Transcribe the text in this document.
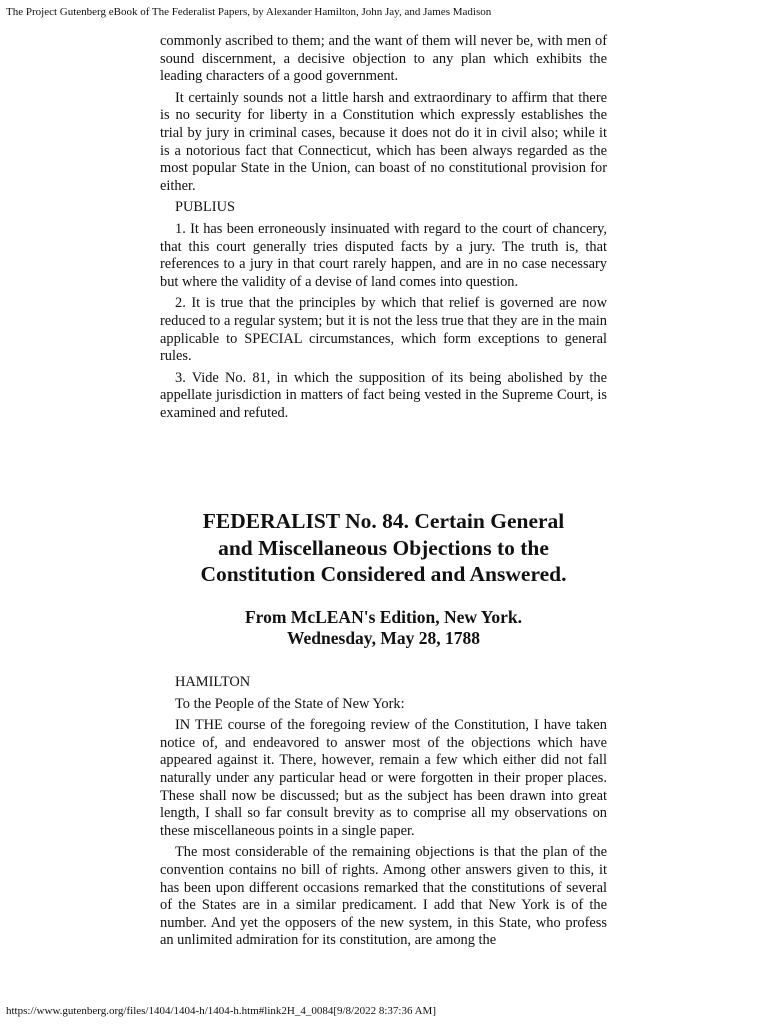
The Project Gutenberg eBook of The Federalist Papers, by Alexander Hamilton, John Jay, and James Madison

commonly ascribed to them; and the want of them will never be, with men of sound discernment, a decisive objection to any plan which exhibits the leading characters of a good government.

It certainly sounds not a little harsh and extraordinary to affirm that there is no security for liberty in a Constitution which expressly establishes the trial by jury in criminal cases, because it does not do it in civil also; while it is a notorious fact that Connecticut, which has been always regarded as the most popular State in the Union, can boast of no constitutional provision for either.

PUBLIUS

1. It has been erroneously insinuated with regard to the court of chancery, that this court generally tries disputed facts by a jury. The truth is, that references to a jury in that court rarely happen, and are in no case necessary but where the validity of a devise of land comes into question.

2. It is true that the principles by which that relief is governed are now reduced to a regular system; but it is not the less true that they are in the main applicable to SPECIAL circumstances, which form exceptions to general rules.

3. Vide No. 81, in which the supposition of its being abolished by the appellate jurisdiction in matters of fact being vested in the Supreme Court, is examined and refuted.

FEDERALIST No. 84. Certain General and Miscellaneous Objections to the Constitution Considered and Answered.
From McLEAN's Edition, New York.
Wednesday, May 28, 1788

HAMILTON

To the People of the State of New York:

IN THE course of the foregoing review of the Constitution, I have taken notice of, and endeavored to answer most of the objections which have appeared against it. There, however, remain a few which either did not fall naturally under any particular head or were forgotten in their proper places. These shall now be discussed; but as the subject has been drawn into great length, I shall so far consult brevity as to comprise all my observations on these miscellaneous points in a single paper.

The most considerable of the remaining objections is that the plan of the convention contains no bill of rights. Among other answers given to this, it has been upon different occasions remarked that the constitutions of several of the States are in a similar predicament. I add that New York is of the number. And yet the opposers of the new system, in this State, who profess an unlimited admiration for its constitution, are among the

https://www.gutenberg.org/files/1404/1404-h/1404-h.htm#link2H_4_0084[9/8/2022 8:37:36 AM]
